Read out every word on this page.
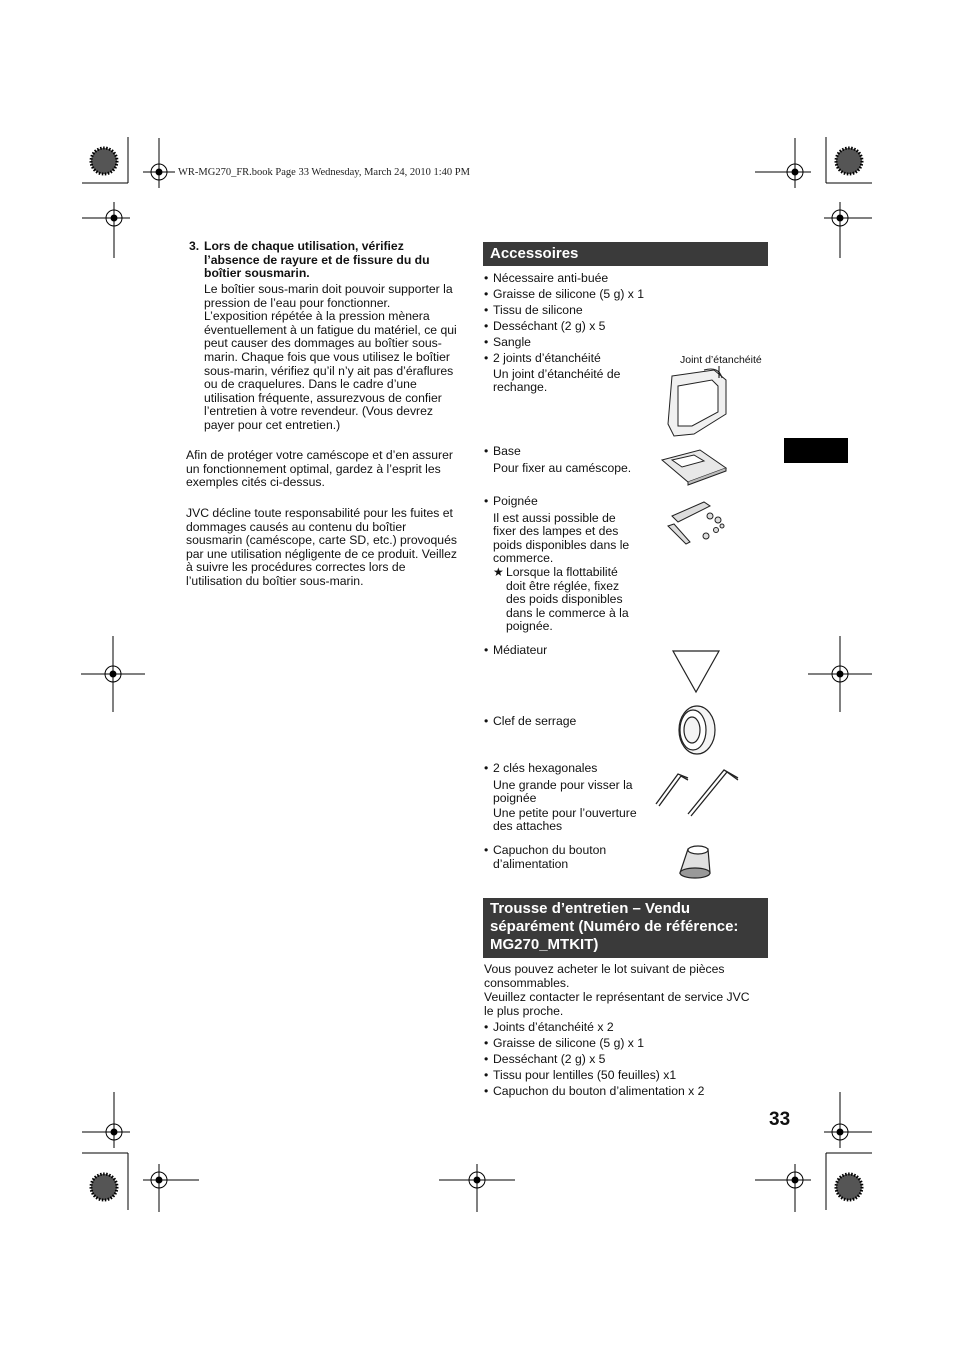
WR-MG270_FR.book Page 33 Wednesday, March 24, 2010 1:40 PM
3. Lors de chaque utilisation, vérifiez
l’absence de rayure et de fissure du du
boîtier sousmarin.
Le boîtier sous-marin doit pouvoir supporter la
pression de l’eau pour fonctionner.
L’exposition répétée à la pression mènera
éventuellement à un fatigue du matériel, ce qui
peut causer des dommages au boîtier sous-
marin. Chaque fois que vous utilisez le boîtier
sous-marin, vérifiez qu’il n’y ait pas d’éraflures
ou de craquelures. Dans le cadre d’une
utilisation fréquente, assurezvous de confier
l’entretien à votre revendeur. (Vous devrez
payer pour cet entretien.)
Afin de protéger votre caméscope et d’en assurer
un fonctionnement optimal, gardez à l’esprit les
exemples cités ci-dessus.
JVC décline toute responsabilité pour les fuites et
dommages causés au contenu du boîtier
sousmarin (caméscope, carte SD, etc.) provoqués
par une utilisation négligente de ce produit. Veillez
à suivre les procédures correctes lors de
l’utilisation du boîtier sous-marin.
Accessoires
• Nécessaire anti-buée
• Graisse de silicone (5 g) x 1
• Tissu de silicone
• Desséchant (2 g) x 5
• Sangle
• 2 joints d’étanchéité
Un joint d’étanchéité de
rechange.
Joint d’étanchéité
• Base
Pour fixer au caméscope.
• Poignée
Il est aussi possible de
fixer des lampes et des
poids disponibles dans le
commerce.
★ Lorsque la flottabilité
doit être réglée, fixez
des poids disponibles
dans le commerce à la
poignée.
• Médiateur
• Clef de serrage
• 2 clés hexagonales
Une grande pour visser la
poignée
Une petite pour l’ouverture
des attaches
• Capuchon du bouton
d’alimentation
Trousse d’entretien – Vendu
séparément (Numéro de référence:
MG270_MTKIT)
Vous pouvez acheter le lot suivant de pièces
consommables.
Veuillez contacter le représentant de service JVC
le plus proche.
• Joints d’étanchéité x 2
• Graisse de silicone (5 g) x 1
• Desséchant (2 g) x 5
• Tissu pour lentilles (50 feuilles) x1
• Capuchon du bouton d’alimentation x 2
33
